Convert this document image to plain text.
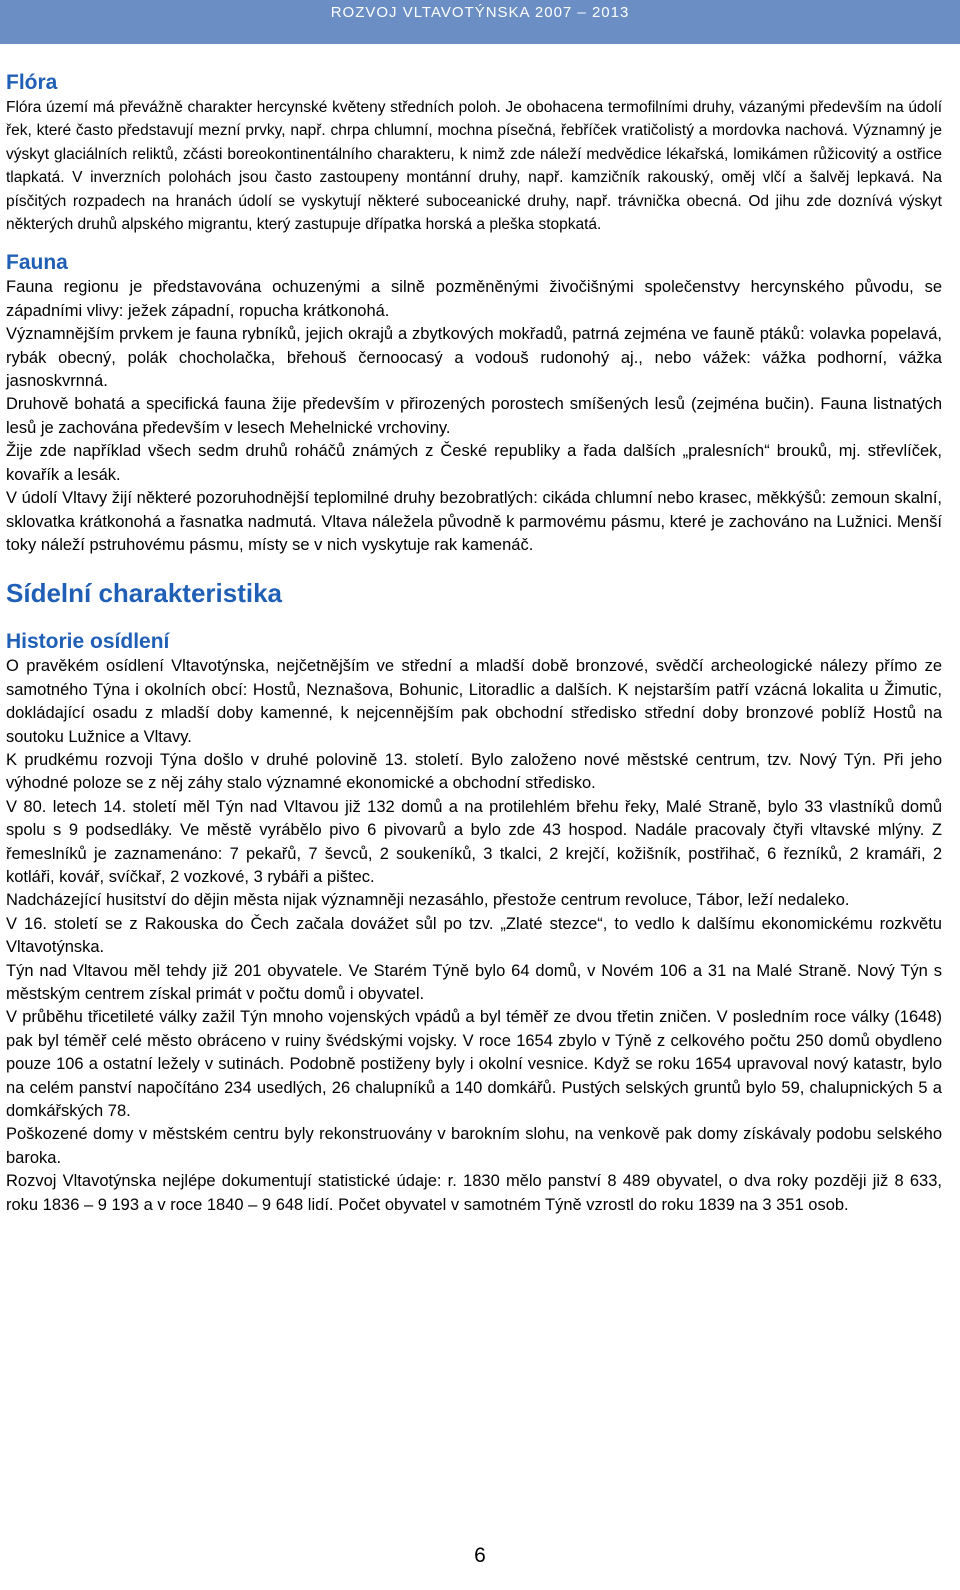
ROZVOJ VLTAVOTÝNSKA 2007 – 2013
Flóra

Flóra území má převážně charakter hercynské květeny středních poloh. Je obohacena termofilními druhy, vázanými především na údolí řek, které často představují mezní prvky, např. chrpa chlumní, mochna písečná, řebříček vratičolistý a mordovka nachová. Významný je výskyt glaciálních reliktů, zčásti boreokontinentálního charakteru, k nimž zde náleží medvědice lékařská, lomikámen růžicovitý a ostřice tlapkatá. V inverzních polohách jsou často zastoupeny montánní druhy, např. kamzičník rakouský, oměj vlčí a šalvěj lepkavá. Na písčitých rozpadech na hranách údolí se vyskytují některé suboceanické druhy, např. trávnička obecná. Od jihu zde doznívá výskyt některých druhů alpského migrantu, který zastupuje dřípatka horská a pleška stopkatá.

Fauna

Fauna regionu je představována ochuzenými a silně pozměněnými živočišnými společenstvy hercynského původu, se západními vlivy: ježek západní, ropucha krátkonohá.

Významnějším prvkem je fauna rybníků, jejich okrajů a zbytkových mokřadů, patrná zejména ve fauně ptáků: volavka popelavá, rybák obecný, polák chocholačka, břehouš černoocasý a vodouš rudonohý aj., nebo vážek: vážka podhorní, vážka jasnoskvrnná.

Druhově bohatá a specifická fauna žije především v přirozených porostech smíšených lesů (zejména bučin). Fauna listnatých lesů je zachována především v lesech Mehelnické vrchoviny.

Žije zde například všech sedm druhů roháčů známých z České republiky a řada dalších „pralesních“ brouků, mj. střevlíček, kovařík a lesák.

V údolí Vltavy žijí některé pozoruhodnější teplomilné druhy bezobratlých: cikáda chlumní nebo krasec, měkkýšů: zemoun skalní, sklovatka krátkonohá a řasnatka nadmutá. Vltava náležela původně k parmovému pásmu, které je zachováno na Lužnici. Menší toky náleží pstruhovému pásmu, místy se v nich vyskytuje rak kamenáč.

Sídelní charakteristika
Historie osídlení

O pravěkém osídlení Vltavotýnska, nejčetnějším ve střední a mladší době bronzové, svědčí archeologické nálezy přímo ze samotného Týna i okolních obcí: Hostů, Neznašova, Bohunic, Litoradlic a dalších. K nejstarším patří vzácná lokalita u Žimutic, dokládající osadu z mladší doby kamenné, k nejcennějším pak obchodní středisko střední doby bronzové poblíž Hostů na soutoku Lužnice a Vltavy.

K prudkému rozvoji Týna došlo v druhé polovině 13. století. Bylo založeno nové městské centrum, tzv. Nový Týn. Při jeho výhodné poloze se z něj záhy stalo významné ekonomické a obchodní středisko.

V 80. letech 14. století měl Týn nad Vltavou již 132 domů a na protilehlém břehu řeky, Malé Straně, bylo 33 vlastníků domů spolu s 9 podsedláky. Ve městě vyrábělo pivo 6 pivovarů a bylo zde 43 hospod. Nadále pracovaly čtyři vltavské mlýny. Z řemeslníků je zaznamenáno: 7 pekařů, 7 ševců, 2 soukeníků, 3 tkalci, 2 krejčí, kožišník, postřihač, 6 řezníků, 2 kramáři, 2 kotláři, kovář, svíčkař, 2 vozkové, 3 rybáři a pištec.

Nadcházející husitství do dějin města nijak významněji nezasáhlo, přestože centrum revoluce, Tábor, leží nedaleko.

V 16. století se z Rakouska do Čech začala dovážet sůl po tzv. „Zlaté stezce“, to vedlo k dalšímu ekonomickému rozkvětu Vltavotýnska.

Týn nad Vltavou měl tehdy již 201 obyvatele. Ve Starém Týně bylo 64 domů, v Novém 106 a 31 na Malé Straně. Nový Týn s městským centrem získal primát v počtu domů i obyvatel.

V průběhu třicetileté války zažil Týn mnoho vojenských vpádů a byl téměř ze dvou třetin zničen. V posledním roce války (1648) pak byl téměř celé město obráceno v ruiny švédskými vojsky. V roce 1654 zbylo v Týně z celkového počtu 250 domů obydleno pouze 106 a ostatní ležely v sutinách. Podobně postiženy byly i okolní vesnice. Když se roku 1654 upravoval nový katastr, bylo na celém panství napočítáno 234 usedlých, 26 chalupníků a 140 domkářů. Pustých selských gruntů bylo 59, chalupnických 5 a domkářských 78.

Poškozené domy v městském centru byly rekonstruovány v barokním slohu, na venkově pak domy získávaly podobu selského baroka.

Rozvoj Vltavotýnska nejlépe dokumentují statistické údaje: r. 1830 mělo panství 8 489 obyvatel, o dva roky později již 8 633, roku 1836 – 9 193 a v roce 1840 – 9 648 lidí. Počet obyvatel v samotném Týně vzrostl do roku 1839 na 3 351 osob.

6
